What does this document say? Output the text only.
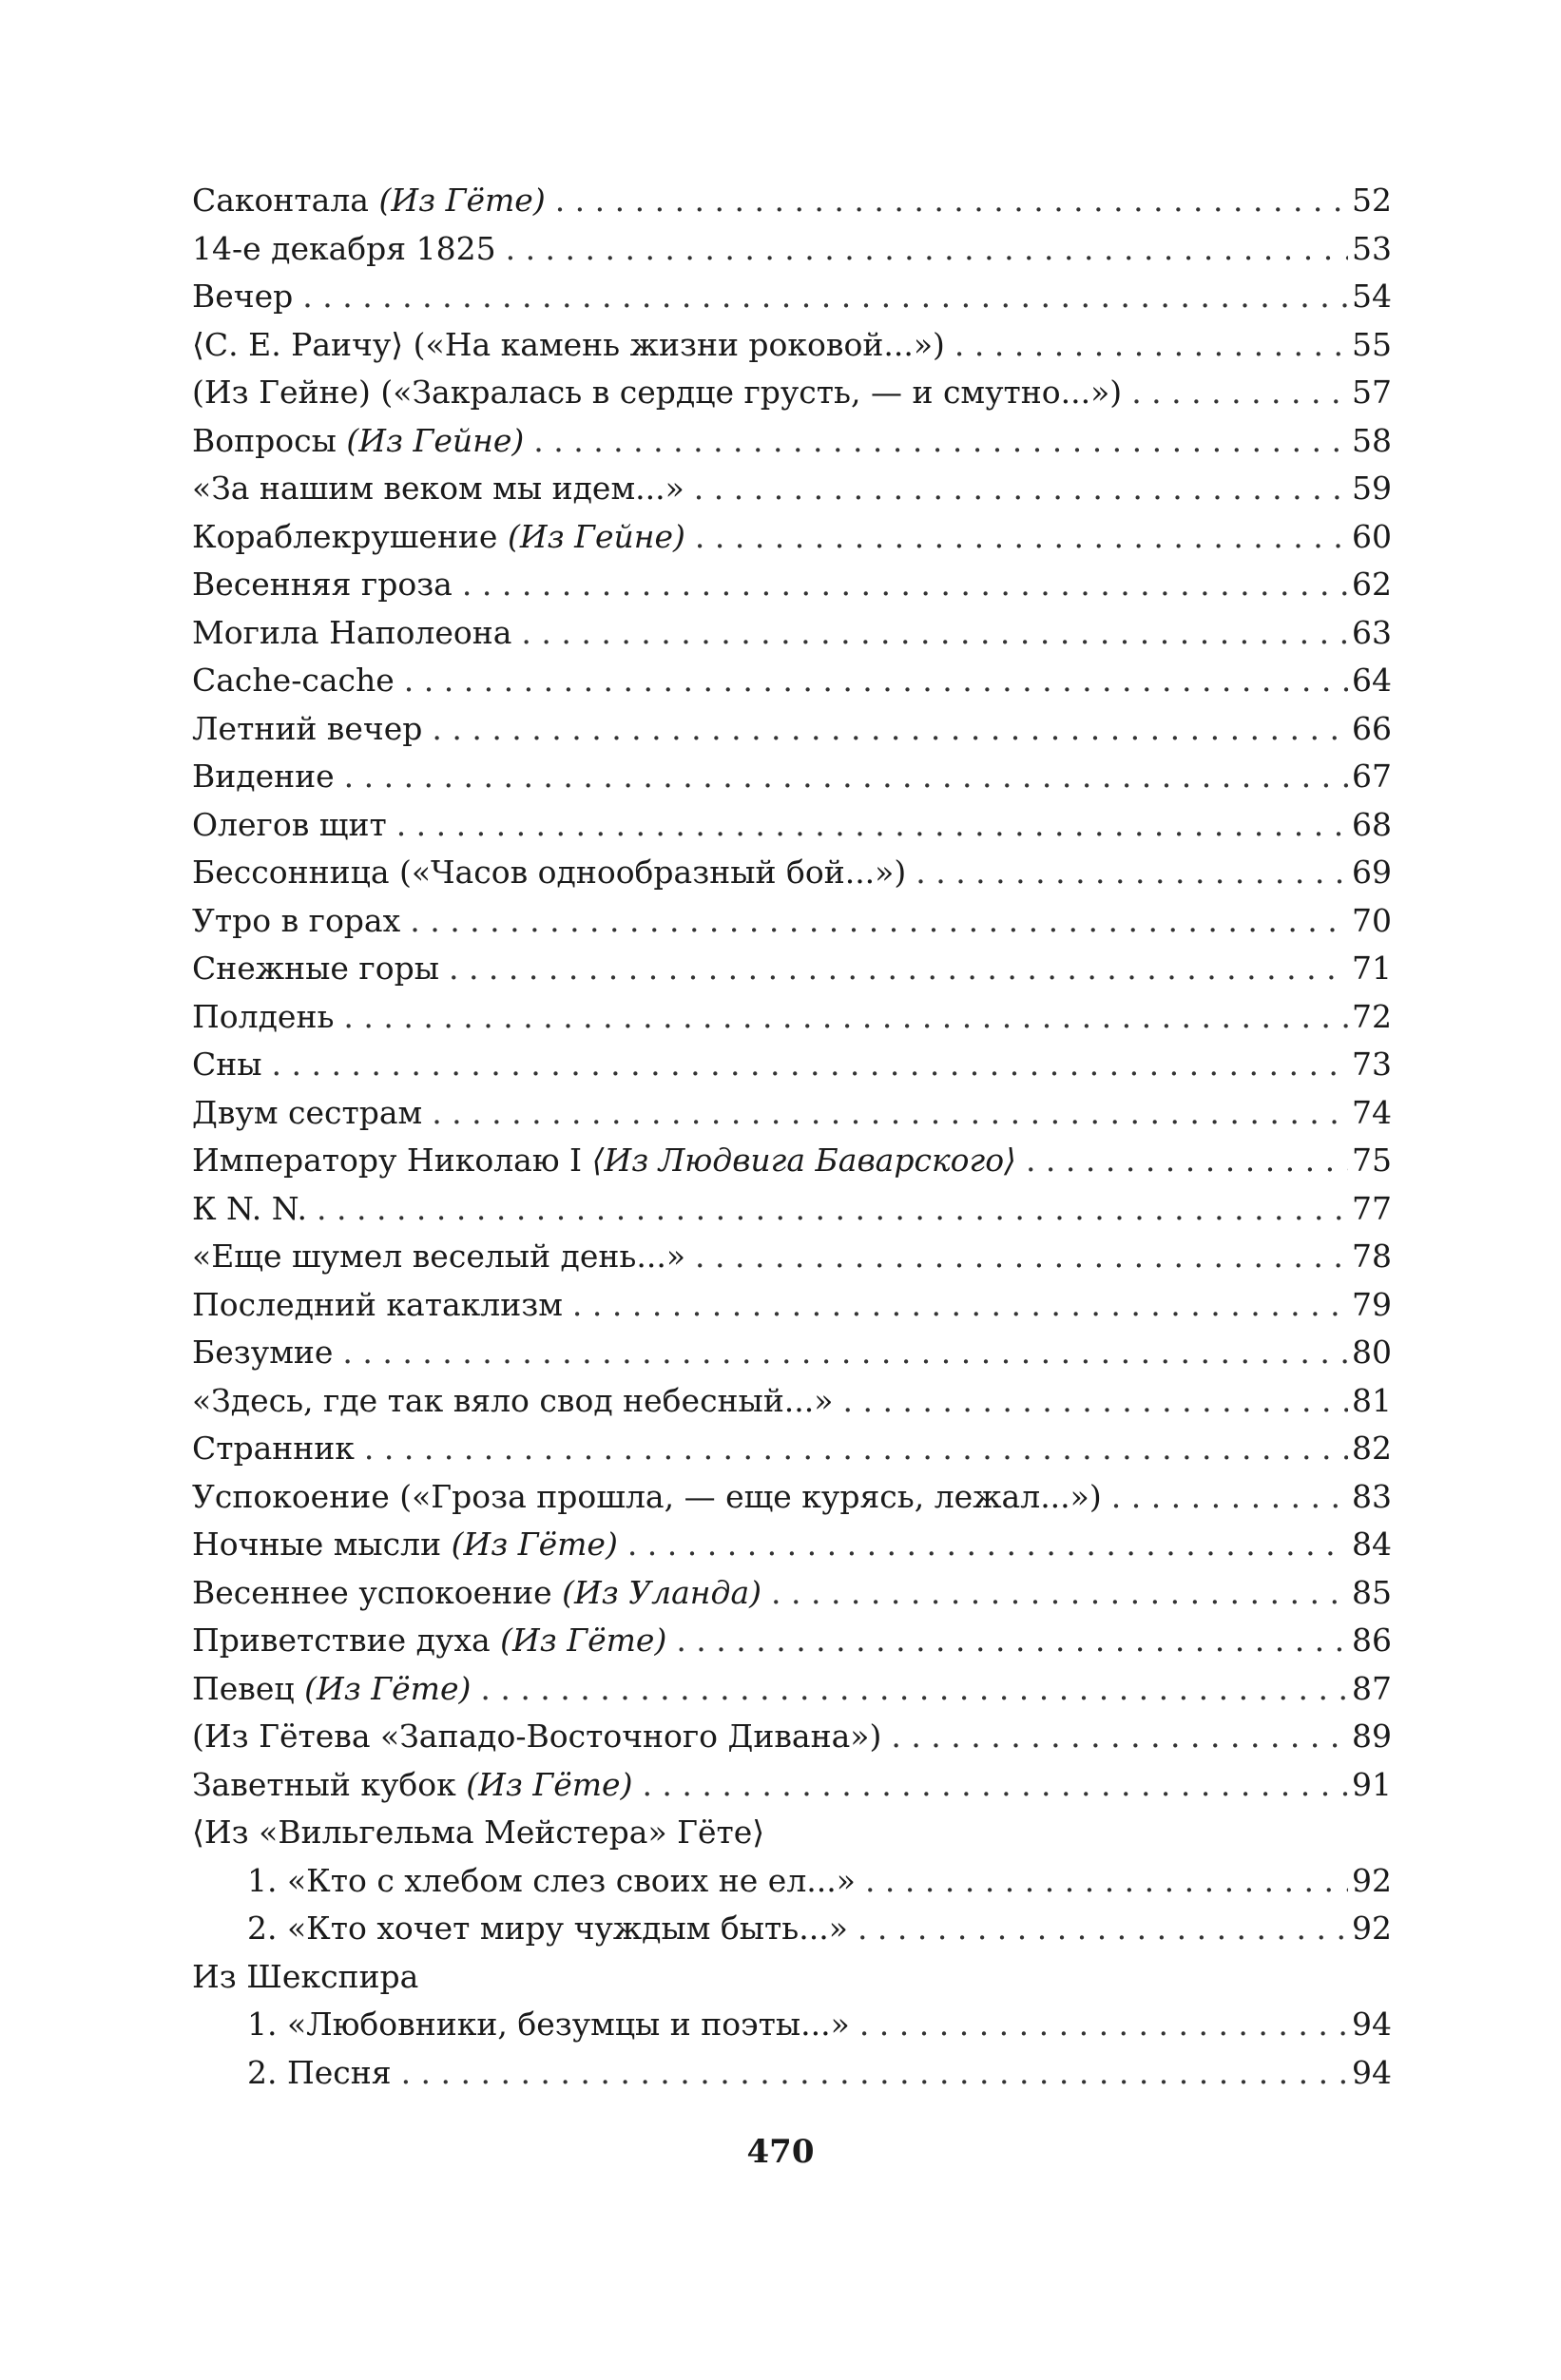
Саконтала (Из Гёте) . . .	52
14-е декабря 1825 . . .	53
Вечер . . .	54
⟨С. Е. Раичу⟩ («На камень жизни роковой...») . . .	55
(Из Гейне) («Закралась в сердце грусть, — и смутно...») . . .	57
Вопросы (Из Гейне) . . .	58
«За нашим веком мы идем...» . . .	59
Кораблекрушение (Из Гейне) . . .	60
Весенняя гроза . . .	62
Могила Наполеона . . .	63
Cache-cache . . .	64
Летний вечер . . .	66
Видение . . .	67
Олегов щит . . .	68
Бессонница («Часов однообразный бой...») . . .	69
Утро в горах . . .	70
Снежные горы . . .	71
Полдень . . .	72
Сны . . .	73
Двум сестрам . . .	74
Императору Николаю I ⟨Из Людвига Баварского⟩ . . .	75
К N. N. . . .	77
«Еще шумел веселый день...» . . .	78
Последний катаклизм . . .	79
Безумие . . .	80
«Здесь, где так вяло свод небесный...» . . .	81
Странник . . .	82
Успокоение («Гроза прошла, — еще курясь, лежал...») . . .	83
Ночные мысли (Из Гёте) . . .	84
Весеннее успокоение (Из Уланда) . . .	85
Приветствие духа (Из Гёте) . . .	86
Певец (Из Гёте) . . .	87
(Из Гётева «Западо-Восточного Дивана») . . .	89
Заветный кубок (Из Гёте) . . .	91
⟨Из «Вильгельма Мейстера» Гёте⟩
1. «Кто с хлебом слез своих не ел...» . . .	92
2. «Кто хочет миру чуждым быть...» . . .	92
Из Шекспира
1. «Любовники, безумцы и поэты...» . . .	94
2. Песня . . .	94
470
